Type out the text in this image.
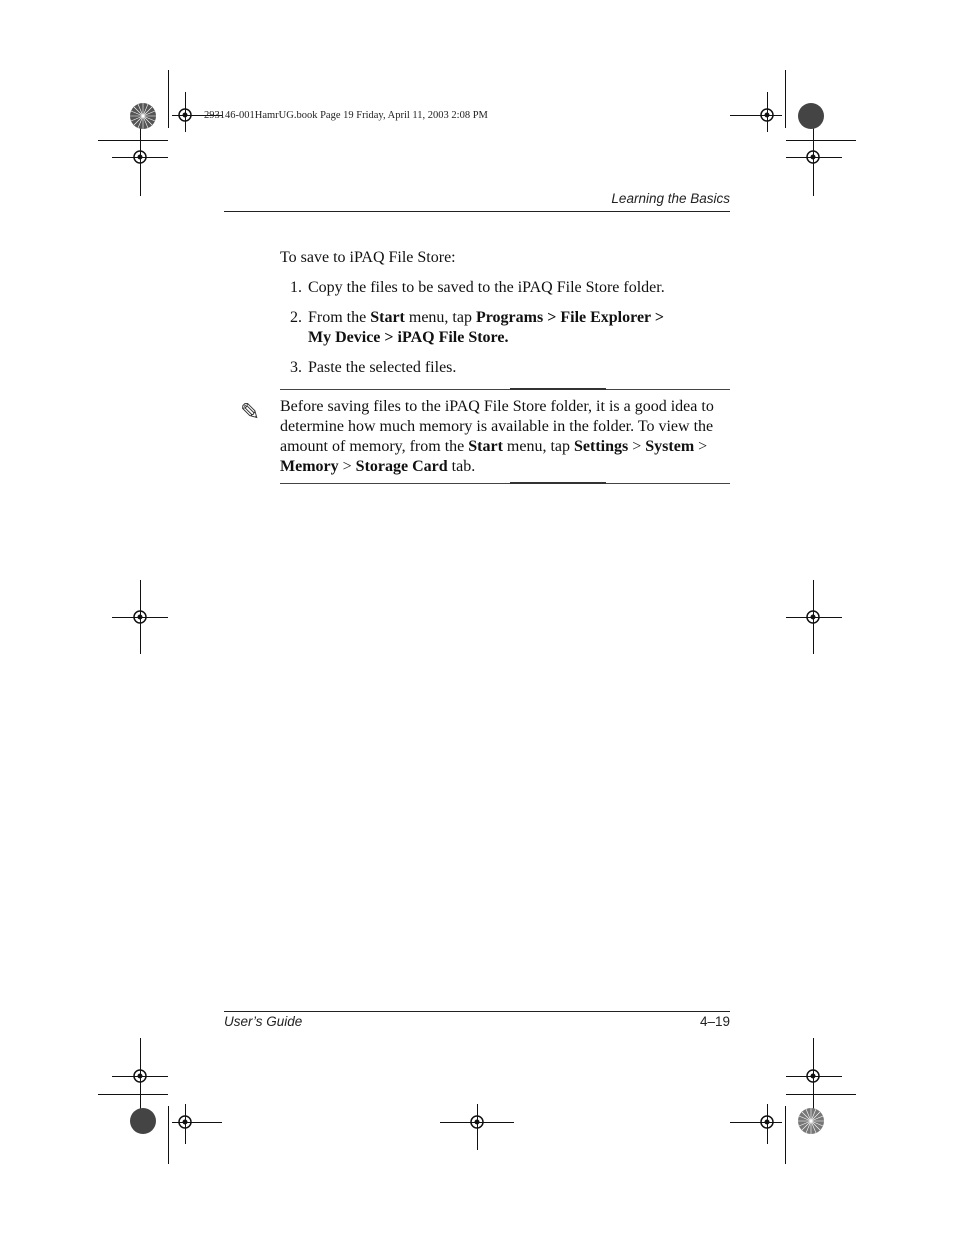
293146-001HamrUG.book Page 19 Friday, April 11, 2003 2:08 PM
Learning the Basics
To save to iPAQ File Store:
1. Copy the files to be saved to the iPAQ File Store folder.
2. From the Start menu, tap Programs > File Explorer >
My Device > iPAQ File Store.
3. Paste the selected files.
✎ Before saving files to the iPAQ File Store folder, it is a good idea to determine how much memory is available in the folder. To view the amount of memory, from the Start menu, tap Settings > System > Memory > Storage Card tab.
User’s Guide	4–19
